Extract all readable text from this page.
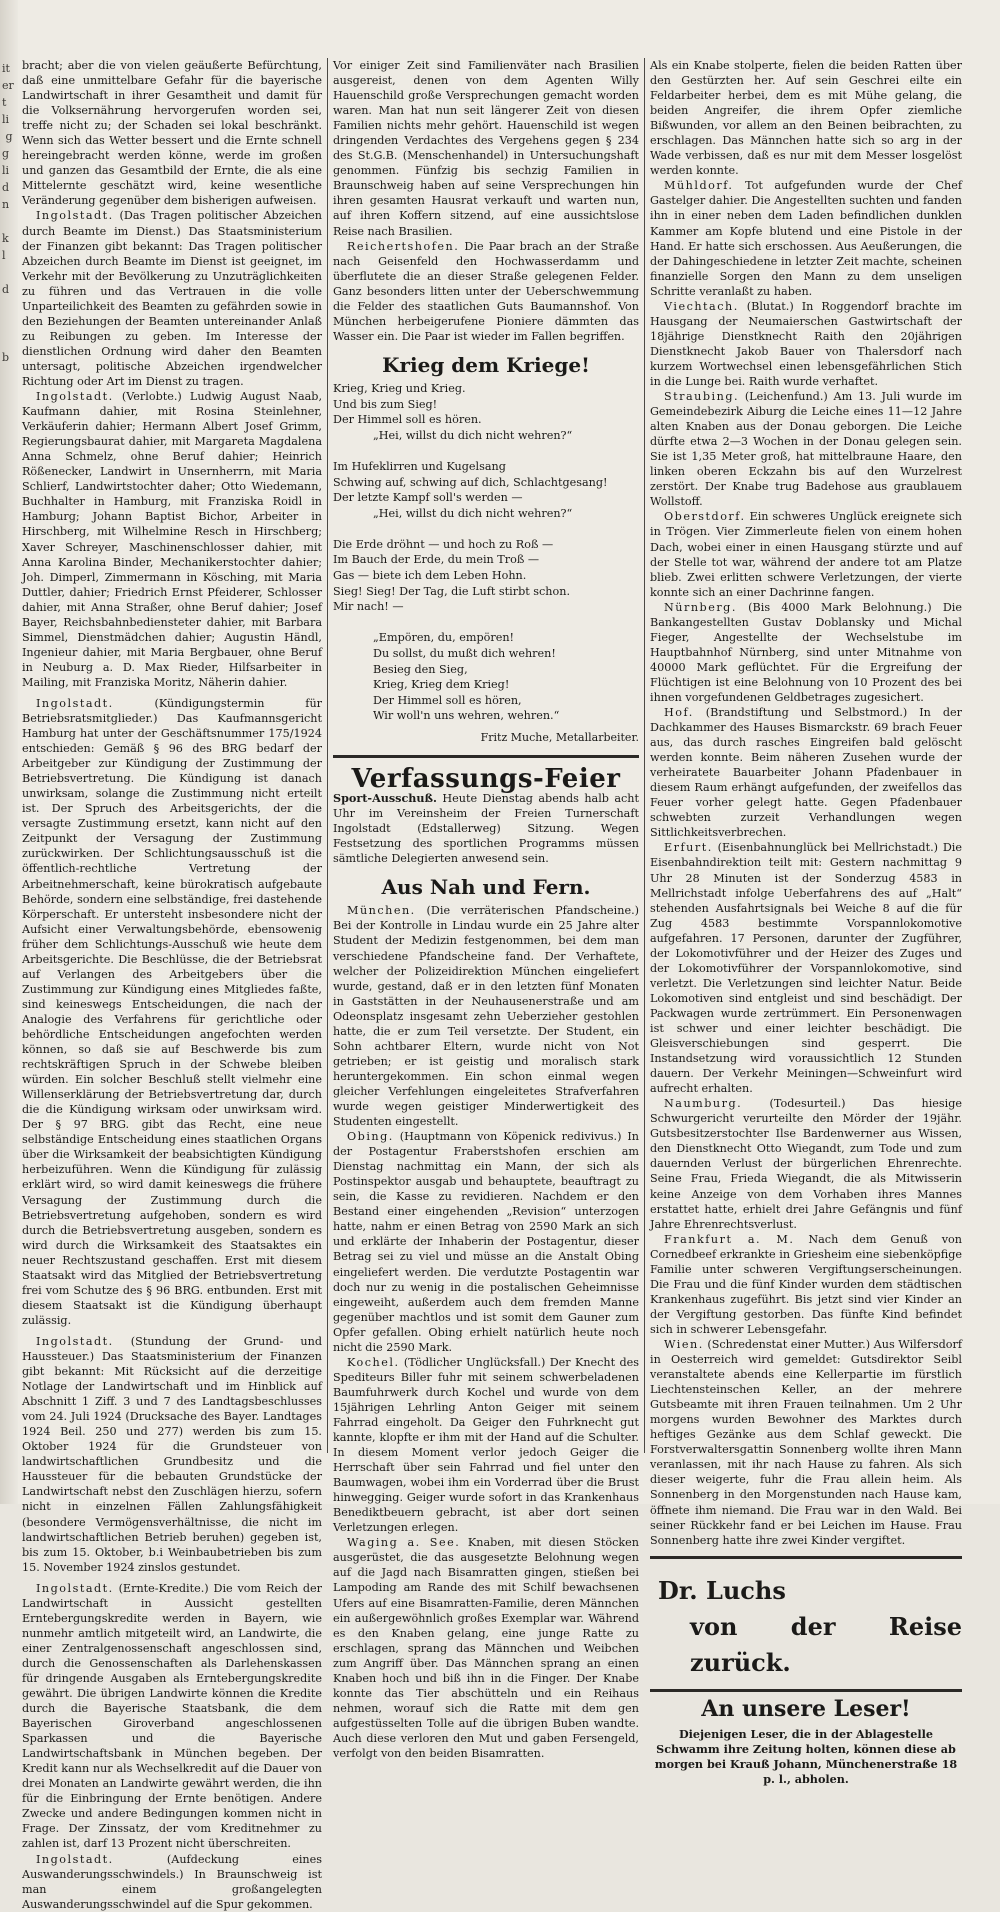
it
er
t
li
g
g
li
d
n

k
l

d

b

bracht; aber die von vielen geäußerte Befürchtung, daß eine unmittelbare Gefahr für die bayerische Landwirtschaft in ihrer Gesamtheit und damit für die Volksernährung hervorgerufen worden sei, treffe nicht zu; der Schaden sei lokal beschränkt. Wenn sich das Wetter bessert und die Ernte schnell hereingebracht werden könne, werde im großen und ganzen das Gesamtbild der Ernte, die als eine Mittelernte geschätzt wird, keine wesentliche Veränderung gegenüber dem bisherigen aufweisen.

Ingolstadt. (Das Tragen politischer Abzeichen durch Beamte im Dienst.) Das Staatsministerium der Finanzen gibt bekannt: Das Tragen politischer Abzeichen durch Beamte im Dienst ist geeignet, im Verkehr mit der Bevölkerung zu Unzuträglichkeiten zu führen und das Vertrauen in die volle Unparteilichkeit des Beamten zu gefährden sowie in den Beziehungen der Beamten untereinander Anlaß zu Reibungen zu geben. Im Interesse der dienstlichen Ordnung wird daher den Beamten untersagt, politische Abzeichen irgendwelcher Richtung oder Art im Dienst zu tragen.

Ingolstadt. (Verlobte.) Ludwig August Naab, Kaufmann dahier, mit Rosina Steinlehner, Verkäuferin dahier; Hermann Albert Josef Grimm, Regierungsbaurat dahier, mit Margareta Magdalena Anna Schmelz, ohne Beruf dahier; Heinrich Rößenecker, Landwirt in Unsernherrn, mit Maria Schlierf, Landwirtstochter daher; Otto Wiedemann, Buchhalter in Hamburg, mit Franziska Roidl in Hamburg; Johann Baptist Bichor, Arbeiter in Hirschberg, mit Wilhelmine Resch in Hirschberg; Xaver Schreyer, Maschinenschlosser dahier, mit Anna Karolina Binder, Mechanikerstochter dahier; Joh. Dimperl, Zimmermann in Kösching, mit Maria Duttler, dahier; Friedrich Ernst Pfeiderer, Schlosser dahier, mit Anna Straßer, ohne Beruf dahier; Josef Bayer, Reichsbahnbediensteter dahier, mit Barbara Simmel, Dienstmädchen dahier; Augustin Händl, Ingenieur dahier, mit Maria Bergbauer, ohne Beruf in Neuburg a. D. Max Rieder, Hilfsarbeiter in Mailing, mit Franziska Moritz, Näherin dahier.

Ingolstadt.	(Kündigungstermin für Betriebsratsmitglieder.) Das Kaufmannsgericht Hamburg hat unter der Geschäftsnummer 175/1924 entschieden: Gemäß § 96 des BRG bedarf der Arbeitgeber zur Kündigung der Zustimmung der Betriebsvertretung. Die Kündigung ist danach unwirksam, solange die Zustimmung nicht erteilt ist. Der Spruch des Arbeitsgerichts, der die versagte Zustimmung ersetzt, kann nicht auf den Zeitpunkt der Versagung der Zustimmung zurückwirken. Der Schlichtungsausschuß ist die öffentlich-rechtliche Vertretung der Arbeitnehmerschaft, keine bürokratisch aufgebaute Behörde, sondern eine selbständige, frei dastehende Körperschaft. Er untersteht insbesondere nicht der Aufsicht einer Verwaltungsbehörde, ebensowenig früher dem Schlichtungs-Ausschuß wie heute dem Arbeitsgerichte. Die Beschlüsse, die der Betriebsrat auf Verlangen des Arbeitgebers über die Zustimmung zur Kündigung eines Mitgliedes faßte, sind keineswegs Entscheidungen, die nach der Analogie des Verfahrens für gerichtliche oder behördliche Entscheidungen angefochten werden können, so daß sie auf Beschwerde bis zum rechtskräftigen Spruch in der Schwebe bleiben würden. Ein solcher Beschluß stellt vielmehr eine Willenserklärung der Betriebsvertretung dar, durch die die Kündigung wirksam oder unwirksam wird. Der § 97 BRG. gibt das Recht, eine neue selbständige Entscheidung eines staatlichen Organs über die Wirksamkeit der beabsichtigten Kündigung herbeizuführen. Wenn die Kündigung für zulässig erklärt wird, so wird damit keineswegs die frühere Versagung der Zustimmung durch die Betriebsvertretung aufgehoben, sondern es wird durch die Betriebsvertretung ausgeben, sondern es wird durch die Wirksamkeit des Staatsaktes ein neuer Rechtszustand geschaffen. Erst mit diesem Staatsakt wird das Mitglied der Betriebsvertretung frei vom Schutze des § 96 BRG. entbunden. Erst mit diesem Staatsakt ist die Kündigung überhaupt zulässig.

Ingolstadt. (Stundung der Grund- und Haussteuer.) Das Staatsministerium der Finanzen gibt bekannt: Mit Rücksicht auf die derzeitige Notlage der Landwirtschaft und im Hinblick auf Abschnitt 1 Ziff. 3 und 7 des Landtagsbeschlusses vom 24. Juli 1924 (Drucksache des Bayer. Landtages 1924 Beil. 250 und 277) werden bis zum 15. Oktober 1924 für die Grundsteuer von landwirtschaftlichen Grundbesitz und die Haussteuer für die bebauten Grundstücke der Landwirtschaft nebst den Zuschlägen hierzu, sofern nicht in einzelnen Fällen Zahlungsfähigkeit (besondere Vermögensverhältnisse, die nicht im landwirtschaftlichen Betrieb beruhen) gegeben ist, bis zum 15. Oktober, b.i Weinbaubetrieben bis zum 15. November 1924 zinslos gestundet.

Ingolstadt. (Ernte-Kredite.) Die vom Reich der Landwirtschaft in Aussicht gestellten Erntebergungskredite werden in Bayern, wie nunmehr amtlich mitgeteilt wird, an Landwirte, die einer Zentralgenossenschaft angeschlossen sind, durch die Genossenschaften als Darlehenskassen für dringende Ausgaben als Erntebergungskredite gewährt. Die übrigen Landwirte können die Kredite durch die Bayerische Staatsbank, die dem Bayerischen Giroverband angeschlossenen Sparkassen und die Bayerische Landwirtschaftsbank in München begeben. Der Kredit kann nur als Wechselkredit auf die Dauer von drei Monaten an Landwirte gewährt werden, die ihn für die Einbringung der Ernte benötigen. Andere Zwecke und andere Bedingungen kommen nicht in Frage. Der Zinssatz, der vom Kreditnehmer zu zahlen ist, darf 13 Prozent nicht überschreiten.

Ingolstadt.	(Aufdeckung eines Auswanderungsschwindels.) In Braunschweig ist man einem großangelegten Auswanderungsschwindel auf die Spur gekommen.

Vor einiger Zeit sind Familienväter nach Brasilien ausgereist, denen von dem Agenten Willy Hauenschild große Versprechungen gemacht worden waren. Man hat nun seit längerer Zeit von diesen Familien nichts mehr gehört. Hauenschild ist wegen dringenden Verdachtes des Vergehens gegen § 234 des St.G.B. (Menschenhandel) in Untersuchungshaft genommen. Fünfzig bis sechzig Familien in Braunschweig haben auf seine Versprechungen hin ihren gesamten Hausrat verkauft und warten nun, auf ihren Koffern sitzend, auf eine aussichtslose Reise nach Brasilien.

Reichertshofen. Die Paar brach an der Straße nach Geisenfeld den Hochwasserdamm und überflutete die an dieser Straße gelegenen Felder. Ganz besonders litten unter der Ueberschwemmung die Felder des staatlichen Guts Baumannshof. Von München herbeigerufene Pioniere dämmten das Wasser ein. Die Paar ist wieder im Fallen begriffen.

Krieg dem Kriege!
Krieg, Krieg und Krieg.
Und bis zum Sieg!
Der Himmel soll es hören.
„Hei, willst du dich nicht wehren?“

Im Hufeklirren und Kugelsang
Schwing auf, schwing auf dich, Schlachtgesang!
Der letzte Kampf soll's werden —
„Hei, willst du dich nicht wehren?“

Die Erde dröhnt — und hoch zu Roß —
Im Bauch der Erde, du mein Troß —
Gas — biete ich dem Leben Hohn.
Sieg! Sieg! Der Tag, die Luft stirbt schon.
Mir nach! —

„Empören, du, empören!
Du sollst, du mußt dich wehren!
Besieg den Sieg,
Krieg, Krieg dem Krieg!
Der Himmel soll es hören,
Wir woll'n uns wehren, wehren.“
Fritz Muche, Metallarbeiter.
Verfassungs-Feier

Sport-Ausschuß. Heute Dienstag abends halb acht Uhr im Vereinsheim der Freien Turnerschaft Ingolstadt (Edstallerweg) Sitzung. Wegen Festsetzung des sportlichen Programms müssen sämtliche Delegierten anwesend sein.

Aus Nah und Fern.

München. (Die verräterischen Pfandscheine.) Bei der Kontrolle in Lindau wurde ein 25 Jahre alter Student der Medizin festgenommen, bei dem man verschiedene Pfandscheine fand. Der Verhaftete, welcher der Polizeidirektion München eingeliefert wurde, gestand, daß er in den letzten fünf Monaten in Gaststätten in der Neuhausenerstraße und am Odeonsplatz insgesamt zehn Ueberzieher gestohlen hatte, die er zum Teil versetzte. Der Student, ein Sohn achtbarer Eltern, wurde nicht von Not getrieben; er ist geistig und moralisch stark heruntergekommen. Ein schon einmal wegen gleicher Verfehlungen eingeleitetes Strafverfahren wurde wegen geistiger Minderwertigkeit des Studenten eingestellt.

Obing. (Hauptmann von Köpenick redivivus.) In der Postagentur Fraberstshofen erschien am Dienstag nachmittag ein Mann, der sich als Postinspektor ausgab und behauptete, beauftragt zu sein, die Kasse zu revidieren. Nachdem er den Bestand einer eingehenden „Revision“ unterzogen hatte, nahm er einen Betrag von 2590 Mark an sich und erklärte der Inhaberin der Postagentur, dieser Betrag sei zu viel und müsse an die Anstalt Obing eingeliefert werden. Die verdutzte Postagentin war doch nur zu wenig in die postalischen Geheimnisse eingeweiht, außerdem auch dem fremden Manne gegenüber machtlos und ist somit dem Gauner zum Opfer gefallen. Obing erhielt natürlich heute noch nicht die 2590 Mark.

Kochel. (Tödlicher Unglücksfall.) Der Knecht des Spediteurs Biller fuhr mit seinem schwerbeladenen Baumfuhrwerk durch Kochel und wurde von dem 15jährigen Lehrling Anton Geiger mit seinem Fahrrad eingeholt. Da Geiger den Fuhrknecht gut kannte, klopfte er ihm mit der Hand auf die Schulter. In diesem Moment verlor jedoch Geiger die Herrschaft über sein Fahrrad und fiel unter den Baumwagen, wobei ihm ein Vorderrad über die Brust hinwegging. Geiger wurde sofort in das Krankenhaus Benediktbeuern gebracht, ist aber dort seinen Verletzungen erlegen.

Waging a. See. Knaben, mit diesen Stöcken ausgerüstet, die das ausgesetzte Belohnung wegen auf die Jagd nach Bisamratten gingen, stießen bei Lampoding am Rande des mit Schilf bewachsenen Ufers auf eine Bisamratten-Familie, deren Männchen ein außergewöhnlich großes Exemplar war. Während es den Knaben gelang, eine junge Ratte zu erschlagen, sprang das Männchen und Weibchen zum Angriff über. Das Männchen sprang an einen Knaben hoch und biß ihn in die Finger. Der Knabe konnte das Tier abschütteln und ein Reihaus nehmen, worauf sich die Ratte mit dem gen aufgestüsselten Tolle auf die übrigen Buben wandte. Auch diese verloren den Mut und gaben Fersengeld, verfolgt von den beiden Bisamratten.

Als ein Knabe stolperte, fielen die beiden Ratten über den Gestürzten her. Auf sein Geschrei eilte ein Feldarbeiter herbei, dem es mit Mühe gelang, die beiden Angreifer, die ihrem Opfer ziemliche Bißwunden, vor allem an den Beinen beibrachten, zu erschlagen. Das Männchen hatte sich so arg in der Wade verbissen, daß es nur mit dem Messer losgelöst werden konnte.

Mühldorf. Tot aufgefunden wurde der Chef Gastelger dahier. Die Angestellten suchten und fanden ihn in einer neben dem Laden befindlichen dunklen Kammer am Kopfe blutend und eine Pistole in der Hand. Er hatte sich erschossen. Aus Aeußerungen, die der Dahingeschiedene in letzter Zeit machte, scheinen finanzielle Sorgen den Mann zu dem unseligen Schritte veranlaßt zu haben.

Viechtach. (Blutat.) In Roggendorf brachte im Hausgang der Neumaierschen Gastwirtschaft der 18jährige Dienstknecht Raith den 20jährigen Dienstknecht Jakob Bauer von Thalersdorf nach kurzem Wortwechsel einen lebensgefährlichen Stich in die Lunge bei. Raith wurde verhaftet.

Straubing. (Leichenfund.) Am 13. Juli wurde im Gemeindebezirk Aiburg die Leiche eines 11—12 Jahre alten Knaben aus der Donau geborgen. Die Leiche dürfte etwa 2—3 Wochen in der Donau gelegen sein. Sie ist 1,35 Meter groß, hat mittelbraune Haare, den linken oberen Eckzahn bis auf den Wurzelrest zerstört. Der Knabe trug Badehose aus graublauem Wollstoff.

Oberstdorf. Ein schweres Unglück ereignete sich in Trögen. Vier Zimmerleute fielen von einem hohen Dach, wobei einer in einen Hausgang stürzte und auf der Stelle tot war, während der andere tot am Platze blieb. Zwei erlitten schwere Verletzungen, der vierte konnte sich an einer Dachrinne fangen.

Nürnberg. (Bis 4000 Mark Belohnung.) Die Bankangestellten Gustav Doblansky und Michal Fieger, Angestellte der Wechselstube im Hauptbahnhof Nürnberg, sind unter Mitnahme von 40000 Mark geflüchtet. Für die Ergreifung der Flüchtigen ist eine Belohnung von 10 Prozent des bei ihnen vorgefundenen Geldbetrages zugesichert.

Hof. (Brandstiftung und Selbstmord.) In der Dachkammer des Hauses Bismarckstr. 69 brach Feuer aus, das durch rasches Eingreifen bald gelöscht werden konnte. Beim näheren Zusehen wurde der verheiratete Bauarbeiter Johann Pfadenbauer in diesem Raum erhängt aufgefunden, der zweifellos das Feuer vorher gelegt hatte. Gegen Pfadenbauer schwebten zurzeit Verhandlungen wegen Sittlichkeitsverbrechen.

Erfurt. (Eisenbahnunglück bei Mellrichstadt.) Die Eisenbahndirektion teilt mit: Gestern nachmittag 9 Uhr 28 Minuten ist der Sonderzug 4583 in Mellrichstadt infolge Ueberfahrens des auf „Halt“ stehenden Ausfahrtsignals bei Weiche 8 auf die für Zug 4583 bestimmte Vorspannlokomotive aufgefahren. 17 Personen, darunter der Zugführer, der Lokomotivführer und der Heizer des Zuges und der Lokomotivführer der Vorspannlokomotive, sind verletzt. Die Verletzungen sind leichter Natur. Beide Lokomotiven sind entgleist und sind beschädigt. Der Packwagen wurde zertrümmert. Ein Personenwagen ist schwer und einer leichter beschädigt. Die Gleisverschiebungen sind gesperrt. Die Instandsetzung wird voraussichtlich 12 Stunden dauern. Der Verkehr Meiningen—Schweinfurt wird aufrecht erhalten.

Naumburg. (Todesurteil.) Das hiesige Schwurgericht verurteilte den Mörder der 19jähr. Gutsbesitzerstochter Ilse Bardenwerner aus Wissen, den Dienstknecht Otto Wiegandt, zum Tode und zum dauernden Verlust der bürgerlichen Ehrenrechte. Seine Frau, Frieda Wiegandt, die als Mitwisserin keine Anzeige von dem Vorhaben ihres Mannes erstattet hatte, erhielt drei Jahre Gefängnis und fünf Jahre Ehrenrechtsverlust.

Frankfurt a. M. Nach dem Genuß von Cornedbeef erkrankte in Griesheim eine siebenköpfige Familie unter schweren Vergiftungserscheinungen. Die Frau und die fünf Kinder wurden dem städtischen Krankenhaus zugeführt. Bis jetzt sind vier Kinder an der Vergiftung gestorben. Das fünfte Kind befindet sich in schwerer Lebensgefahr.

Wien. (Schredenstat einer Mutter.) Aus Wilfersdorf in Oesterreich wird gemeldet: Gutsdirektor Seibl veranstaltete abends eine Kellerpartie im fürstlich Liechtensteinschen Keller, an der mehrere Gutsbeamte mit ihren Frauen teilnahmen. Um 2 Uhr morgens wurden Bewohner des Marktes durch heftiges Gezänke aus dem Schlaf geweckt. Die Forstverwaltersgattin Sonnenberg wollte ihren Mann veranlassen, mit ihr nach Hause zu fahren. Als sich dieser weigerte, fuhr die Frau allein heim. Als Sonnenberg in den Morgenstunden nach Hause kam, öffnete ihm niemand. Die Frau war in den Wald. Bei seiner Rückkehr fand er bei Leichen im Hause. Frau Sonnenberg hatte ihre zwei Kinder vergiftet.

Dr. Luchs
von der Reise zurück.
An unsere Leser!
Diejenigen Leser, die in der Ablagestelle Schwamm ihre Zeitung holten, können diese ab morgen bei Krauß Johann, Münchenerstraße 18 p. l., abholen.
